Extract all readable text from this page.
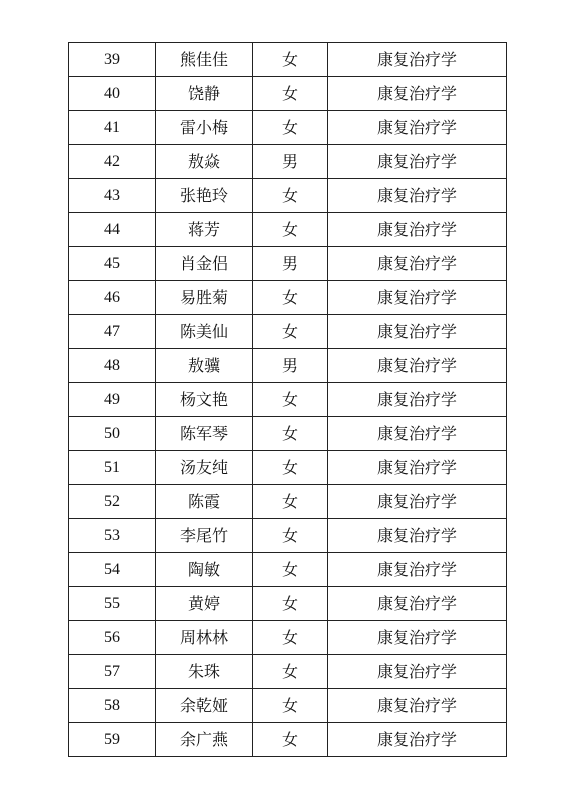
39	熊佳佳	女	康复治疗学
40	饶静	女	康复治疗学
41	雷小梅	女	康复治疗学
42	敖焱	男	康复治疗学
43	张艳玲	女	康复治疗学
44	蒋芳	女	康复治疗学
45	肖金侣	男	康复治疗学
46	易胜菊	女	康复治疗学
47	陈美仙	女	康复治疗学
48	敖骥	男	康复治疗学
49	杨文艳	女	康复治疗学
50	陈军琴	女	康复治疗学
51	汤友纯	女	康复治疗学
52	陈霞	女	康复治疗学
53	李尾竹	女	康复治疗学
54	陶敏	女	康复治疗学
55	黄婷	女	康复治疗学
56	周林林	女	康复治疗学
57	朱珠	女	康复治疗学
58	余乾娅	女	康复治疗学
59	余广燕	女	康复治疗学
